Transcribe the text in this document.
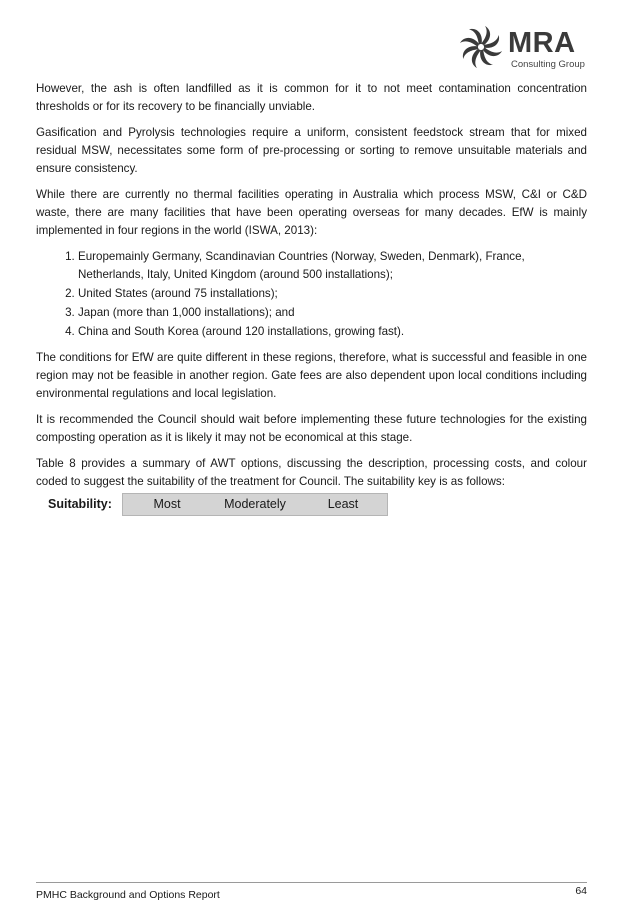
MRA
Consulting Group

However, the ash is often landfilled as it is common for it to not meet contamination concentration thresholds or for its recovery to be financially unviable.

Gasification and Pyrolysis technologies require a uniform, consistent feedstock stream that for mixed residual MSW, necessitates some form of pre-processing or sorting to remove unsuitable materials and ensure consistency.

While there are currently no thermal facilities operating in Australia which process MSW, C&I or C&D waste, there are many facilities that have been operating overseas for many decades. EfW is mainly implemented in four regions in the world (ISWA, 2013):

1. Europemainly Germany, Scandinavian Countries (Norway, Sweden, Denmark), France, Netherlands, Italy, United Kingdom (around 500 installations);
2. United States (around 75 installations);
3. Japan (more than 1,000 installations); and
4. China and South Korea (around 120 installations, growing fast).

The conditions for EfW are quite different in these regions, therefore, what is successful and feasible in one region may not be feasible in another region. Gate fees are also dependent upon local conditions including environmental regulations and local legislation.

It is recommended the Council should wait before implementing these future technologies for the existing composting operation as it is likely it may not be economical at this stage.

Table 8 provides a summary of AWT options, discussing the description, processing costs, and colour coded to suggest the suitability of the treatment for Council. The suitability key is as follows:

Suitability:	Most	Moderately	Least
PMHC Background and Options Report	64
